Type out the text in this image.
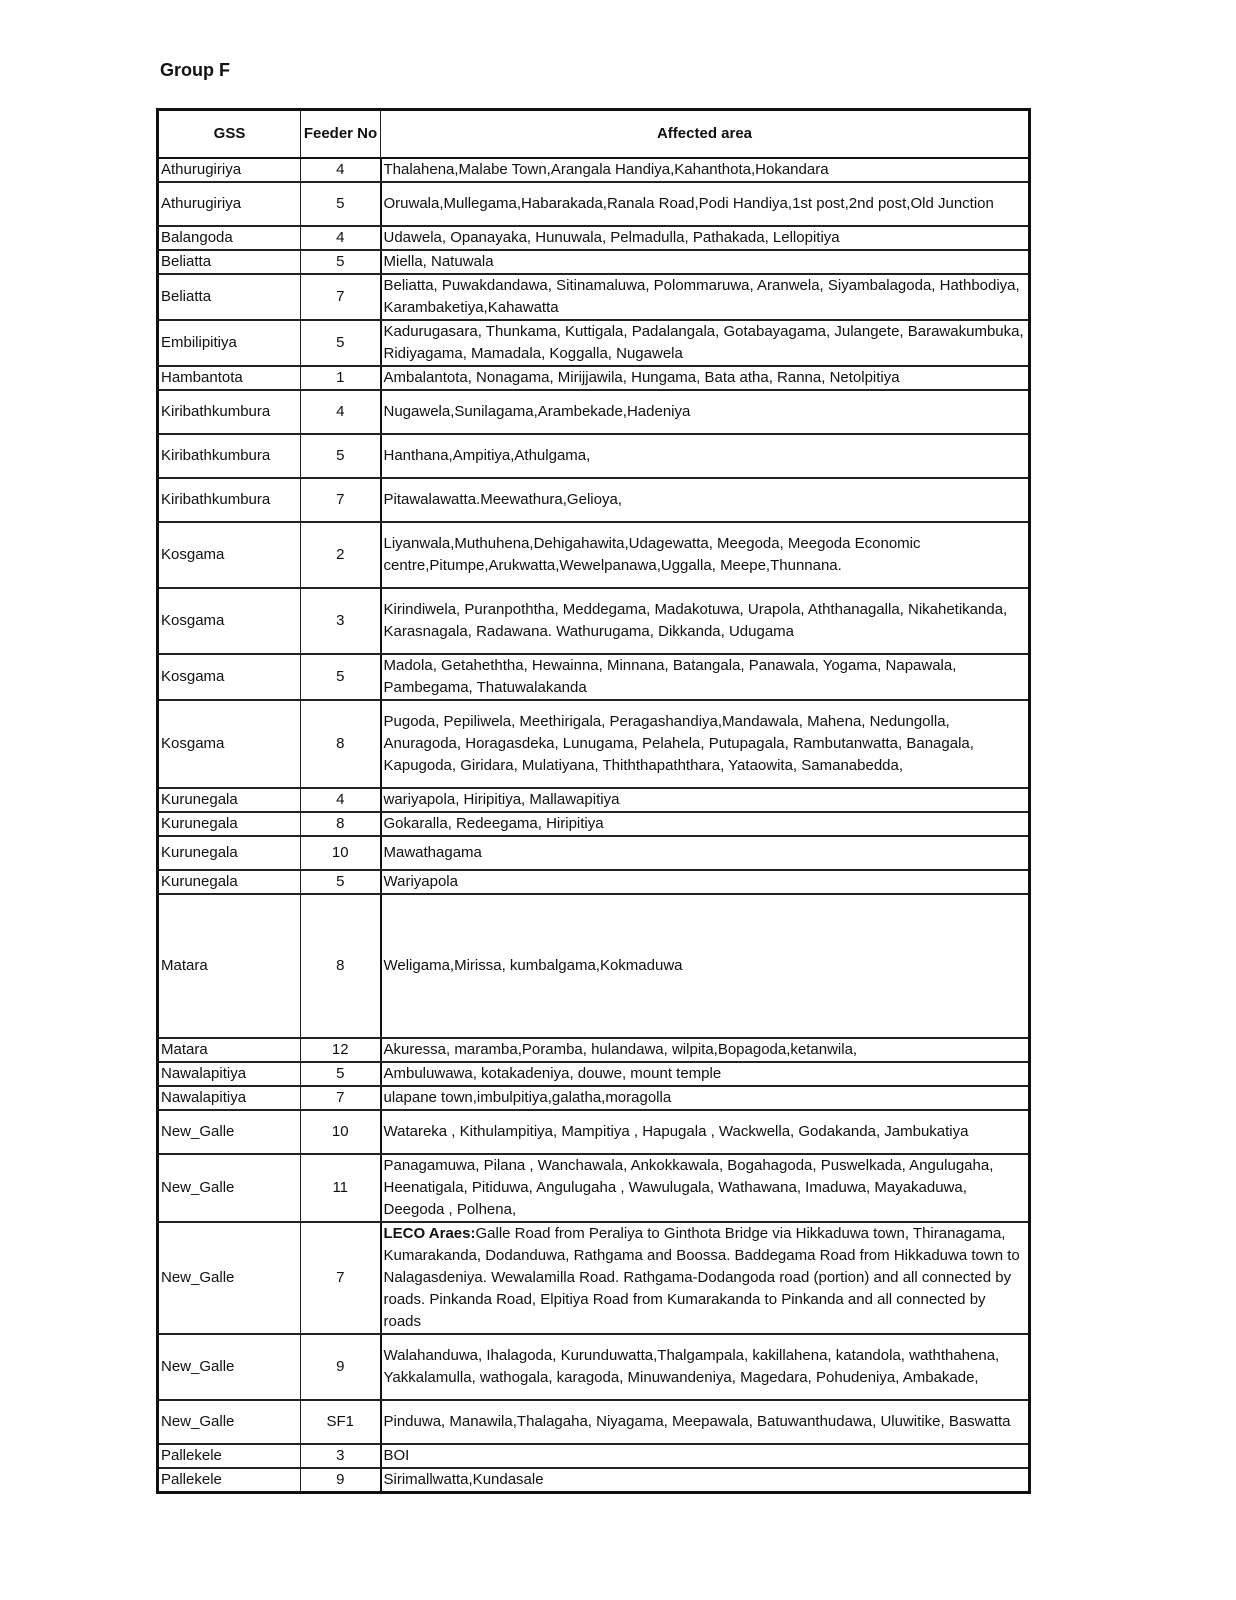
Group F
GSS	Feeder No	Affected area
Athurugiriya	4	Thalahena,Malabe Town,Arangala Handiya,Kahanthota,Hokandara
Athurugiriya	5	Oruwala,Mullegama,Habarakada,Ranala Road,Podi Handiya,1st post,2nd post,Old Junction
Balangoda	4	Udawela, Opanayaka, Hunuwala, Pelmadulla, Pathakada, Lellopitiya
Beliatta	5	Miella, Natuwala
Beliatta	7	Beliatta, Puwakdandawa, Sitinamaluwa, Polommaruwa, Aranwela, Siyambalagoda, Hathbodiya, Karambaketiya,Kahawatta
Embilipitiya	5	Kadurugasara, Thunkama, Kuttigala, Padalangala, Gotabayagama, Julangete, Barawakumbuka, Ridiyagama, Mamadala, Koggalla, Nugawela
Hambantota	1	Ambalantota, Nonagama, Mirijjawila, Hungama, Bata atha, Ranna, Netolpitiya
Kiribathkumbura	4	Nugawela,Sunilagama,Arambekade,Hadeniya
Kiribathkumbura	5	Hanthana,Ampitiya,Athulgama,
Kiribathkumbura	7	Pitawalawatta.Meewathura,Gelioya,
Kosgama	2	Liyanwala,Muthuhena,Dehigahawita,Udagewatta, Meegoda, Meegoda Economic centre,Pitumpe,Arukwatta,Wewelpanawa,Uggalla, Meepe,Thunnana.
Kosgama	3	Kirindiwela, Puranpoththa, Meddegama, Madakotuwa, Urapola, Aththanagalla, Nikahetikanda, Karasnagala, Radawana. Wathurugama, Dikkanda, Udugama
Kosgama	5	Madola, Getaheththa, Hewainna, Minnana, Batangala, Panawala, Yogama, Napawala, Pambegama, Thatuwalakanda
Kosgama	8	Pugoda, Pepiliwela, Meethirigala, Peragashandiya,Mandawala, Mahena, Nedungolla, Anuragoda, Horagasdeka, Lunugama, Pelahela, Putupagala, Rambutanwatta, Banagala, Kapugoda, Giridara, Mulatiyana, Thiththapaththara, Yataowita, Samanabedda,
Kurunegala	4	wariyapola, Hiripitiya, Mallawapitiya
Kurunegala	8	Gokaralla, Redeegama, Hiripitiya
Kurunegala	10	Mawathagama
Kurunegala	5	Wariyapola
Matara	8	Weligama,Mirissa, kumbalgama,Kokmaduwa
Matara	12	Akuressa, maramba,Poramba, hulandawa, wilpita,Bopagoda,ketanwila,
Nawalapitiya	5	Ambuluwawa, kotakadeniya, douwe, mount temple
Nawalapitiya	7	ulapane town,imbulpitiya,galatha,moragolla
New_Galle	10	Watareka , Kithulampitiya, Mampitiya , Hapugala , Wackwella, Godakanda, Jambukatiya
New_Galle	11	Panagamuwa, Pilana , Wanchawala, Ankokkawala, Bogahagoda, Puswelkada, Angulugaha, Heenatigala, Pitiduwa, Angulugaha , Wawulugala, Wathawana, Imaduwa, Mayakaduwa, Deegoda , Polhena,
New_Galle	7	LECO Araes:Galle Road from Peraliya to Ginthota Bridge via Hikkaduwa town, Thiranagama, Kumarakanda, Dodanduwa, Rathgama and Boossa. Baddegama Road from Hikkaduwa town to Nalagasdeniya. Wewalamilla Road. Rathgama-Dodangoda road (portion) and all connected by roads. Pinkanda Road, Elpitiya Road from Kumarakanda to Pinkanda and all connected by roads
New_Galle	9	Walahanduwa, Ihalagoda, Kurunduwatta,Thalgampala, kakillahena, katandola, waththahena, Yakkalamulla, wathogala, karagoda, Minuwandeniya, Magedara, Pohudeniya, Ambakade,
New_Galle	SF1	Pinduwa, Manawila,Thalagaha, Niyagama, Meepawala, Batuwanthudawa, Uluwitike, Baswatta
Pallekele	3	BOI
Pallekele	9	Sirimallwatta,Kundasale
